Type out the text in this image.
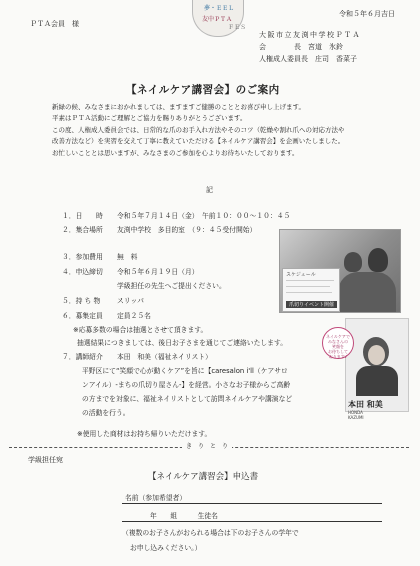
夢・ＥＥＬ
友中ＰＴＡ
ＦＥＳ
ＰＴＡ会員　様
令和５年６月吉日
大阪市立友渕中学校ＰＴＡ
会　　　　長　宮道　氷鈴
人権成人委員長　庄司　香菜子
【ネイルケア講習会】のご案内
新緑の候、みなさまにおかれましては、ますますご健勝のこととお喜び申し上げます。
平素はＰＴＡ活動にご理解とご協力を賜りありがとうございます。
この度、人権成人委員会では、日常的な爪のお手入れ方法やそのコツ（乾燥や割れ爪への対応方法や
改善方法など）を実習を交えて丁寧に教えていただける【ネイルケア講習会】を企画いたしました。
お忙しいこととは思いますが、みなさまのご参加を心よりお待ちいたしております。
記
１．日　　時 令和５年７月１４日（金）　午前１０：００～１０：４５
２．集合場所 友渕中学校　多目的室　（９：４５受付開始）
３．参加費用 無　料
４．申込締切 令和５年６月１９日（月）
学級担任の先生へご提出ください。
５．持 ち 物 スリッパ
６．募集定員 定員２５名
※応募多数の場合は抽選とさせて頂きます。
抽選結果につきましては、後日お子さまを通じてご連絡いたします。
７．講師紹介 本田　和美（福祉ネイリスト）
平野区にて“笑顔で心が動くケア”を旨に【caresalon i'll（ケアサロ
ンアイル）-まちの爪切り屋さん-】を経営。小さなお子様からご高齢
の方までを対象に、福祉ネイリストとして訪問ネイルケアや講演など
の活動を行う。
※使用した商材はお持ち帰りいただけます。
スケジュール
爪切りイベント開催
ネイルケアで
みなさんの
笑顔を
お待ちして
おります♪
本田 和美
HONDA
KAZUMI
き　り　と　り
学級担任宛
【ネイルケア講習会】申込書
名前（参加希望者）
年　　組　　　生徒名
（複数のお子さんがおられる場合は下のお子さんの学年で
お申し込みください。）
